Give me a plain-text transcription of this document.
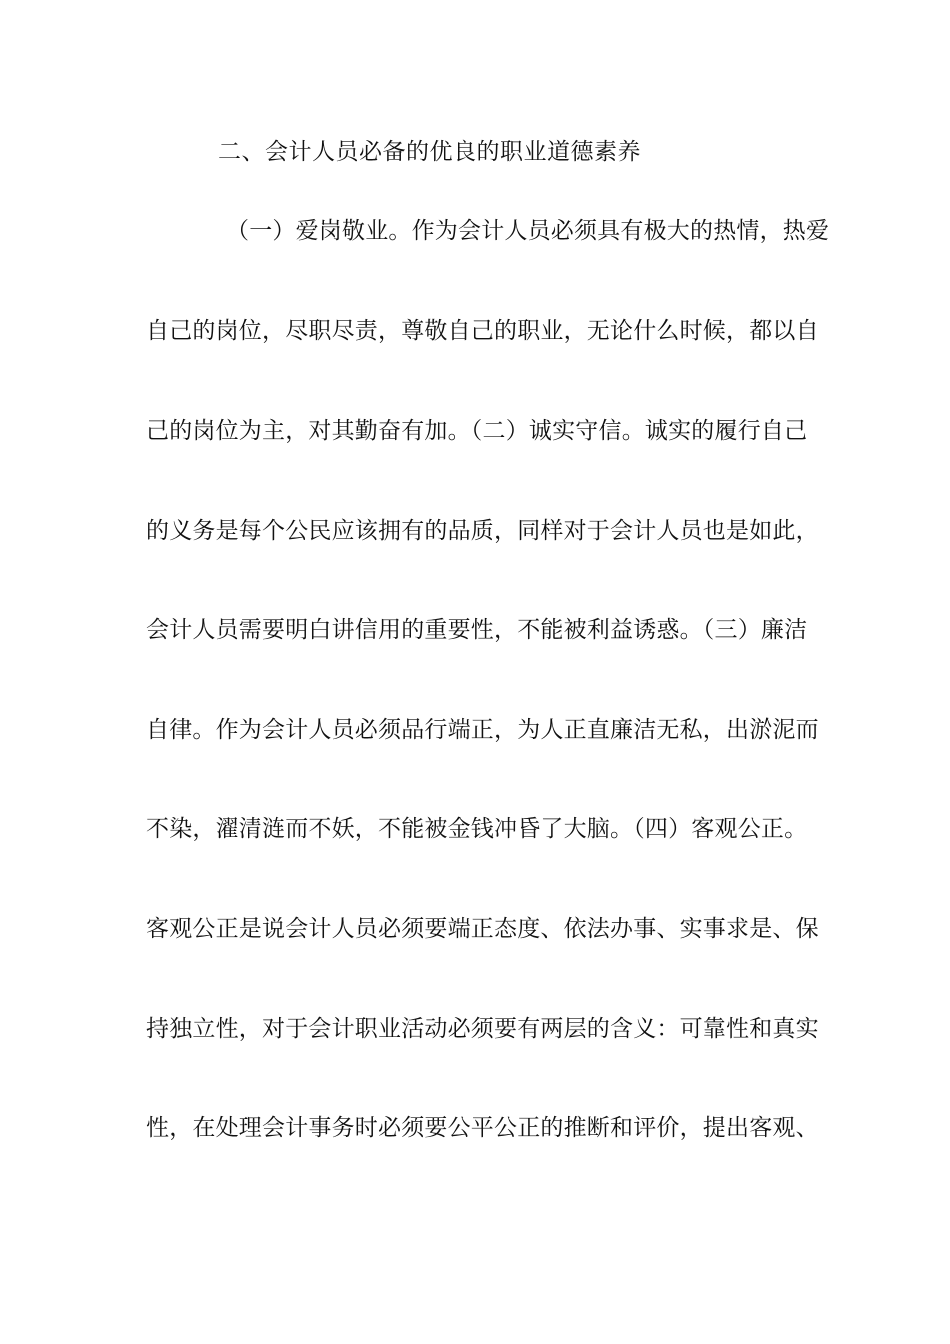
二、会计人员必备的优良的职业道德素养
（一）爱岗敬业。作为会计人员必须具有极大的热情，热爱
自己的岗位，尽职尽责，尊敬自己的职业，无论什么时候，都以自
己的岗位为主，对其勤奋有加。（二）诚实守信。诚实的履行自己
的义务是每个公民应该拥有的品质，同样对于会计人员也是如此，
会计人员需要明白讲信用的重要性，不能被利益诱惑。（三）廉洁
自律。作为会计人员必须品行端正，为人正直廉洁无私，出淤泥而
不染，濯清涟而不妖，不能被金钱冲昏了大脑。（四）客观公正。
客观公正是说会计人员必须要端正态度、依法办事、实事求是、保
持独立性，对于会计职业活动必须要有两层的含义：可靠性和真实
性，在处理会计事务时必须要公平公正的推断和评价，提出客观、
